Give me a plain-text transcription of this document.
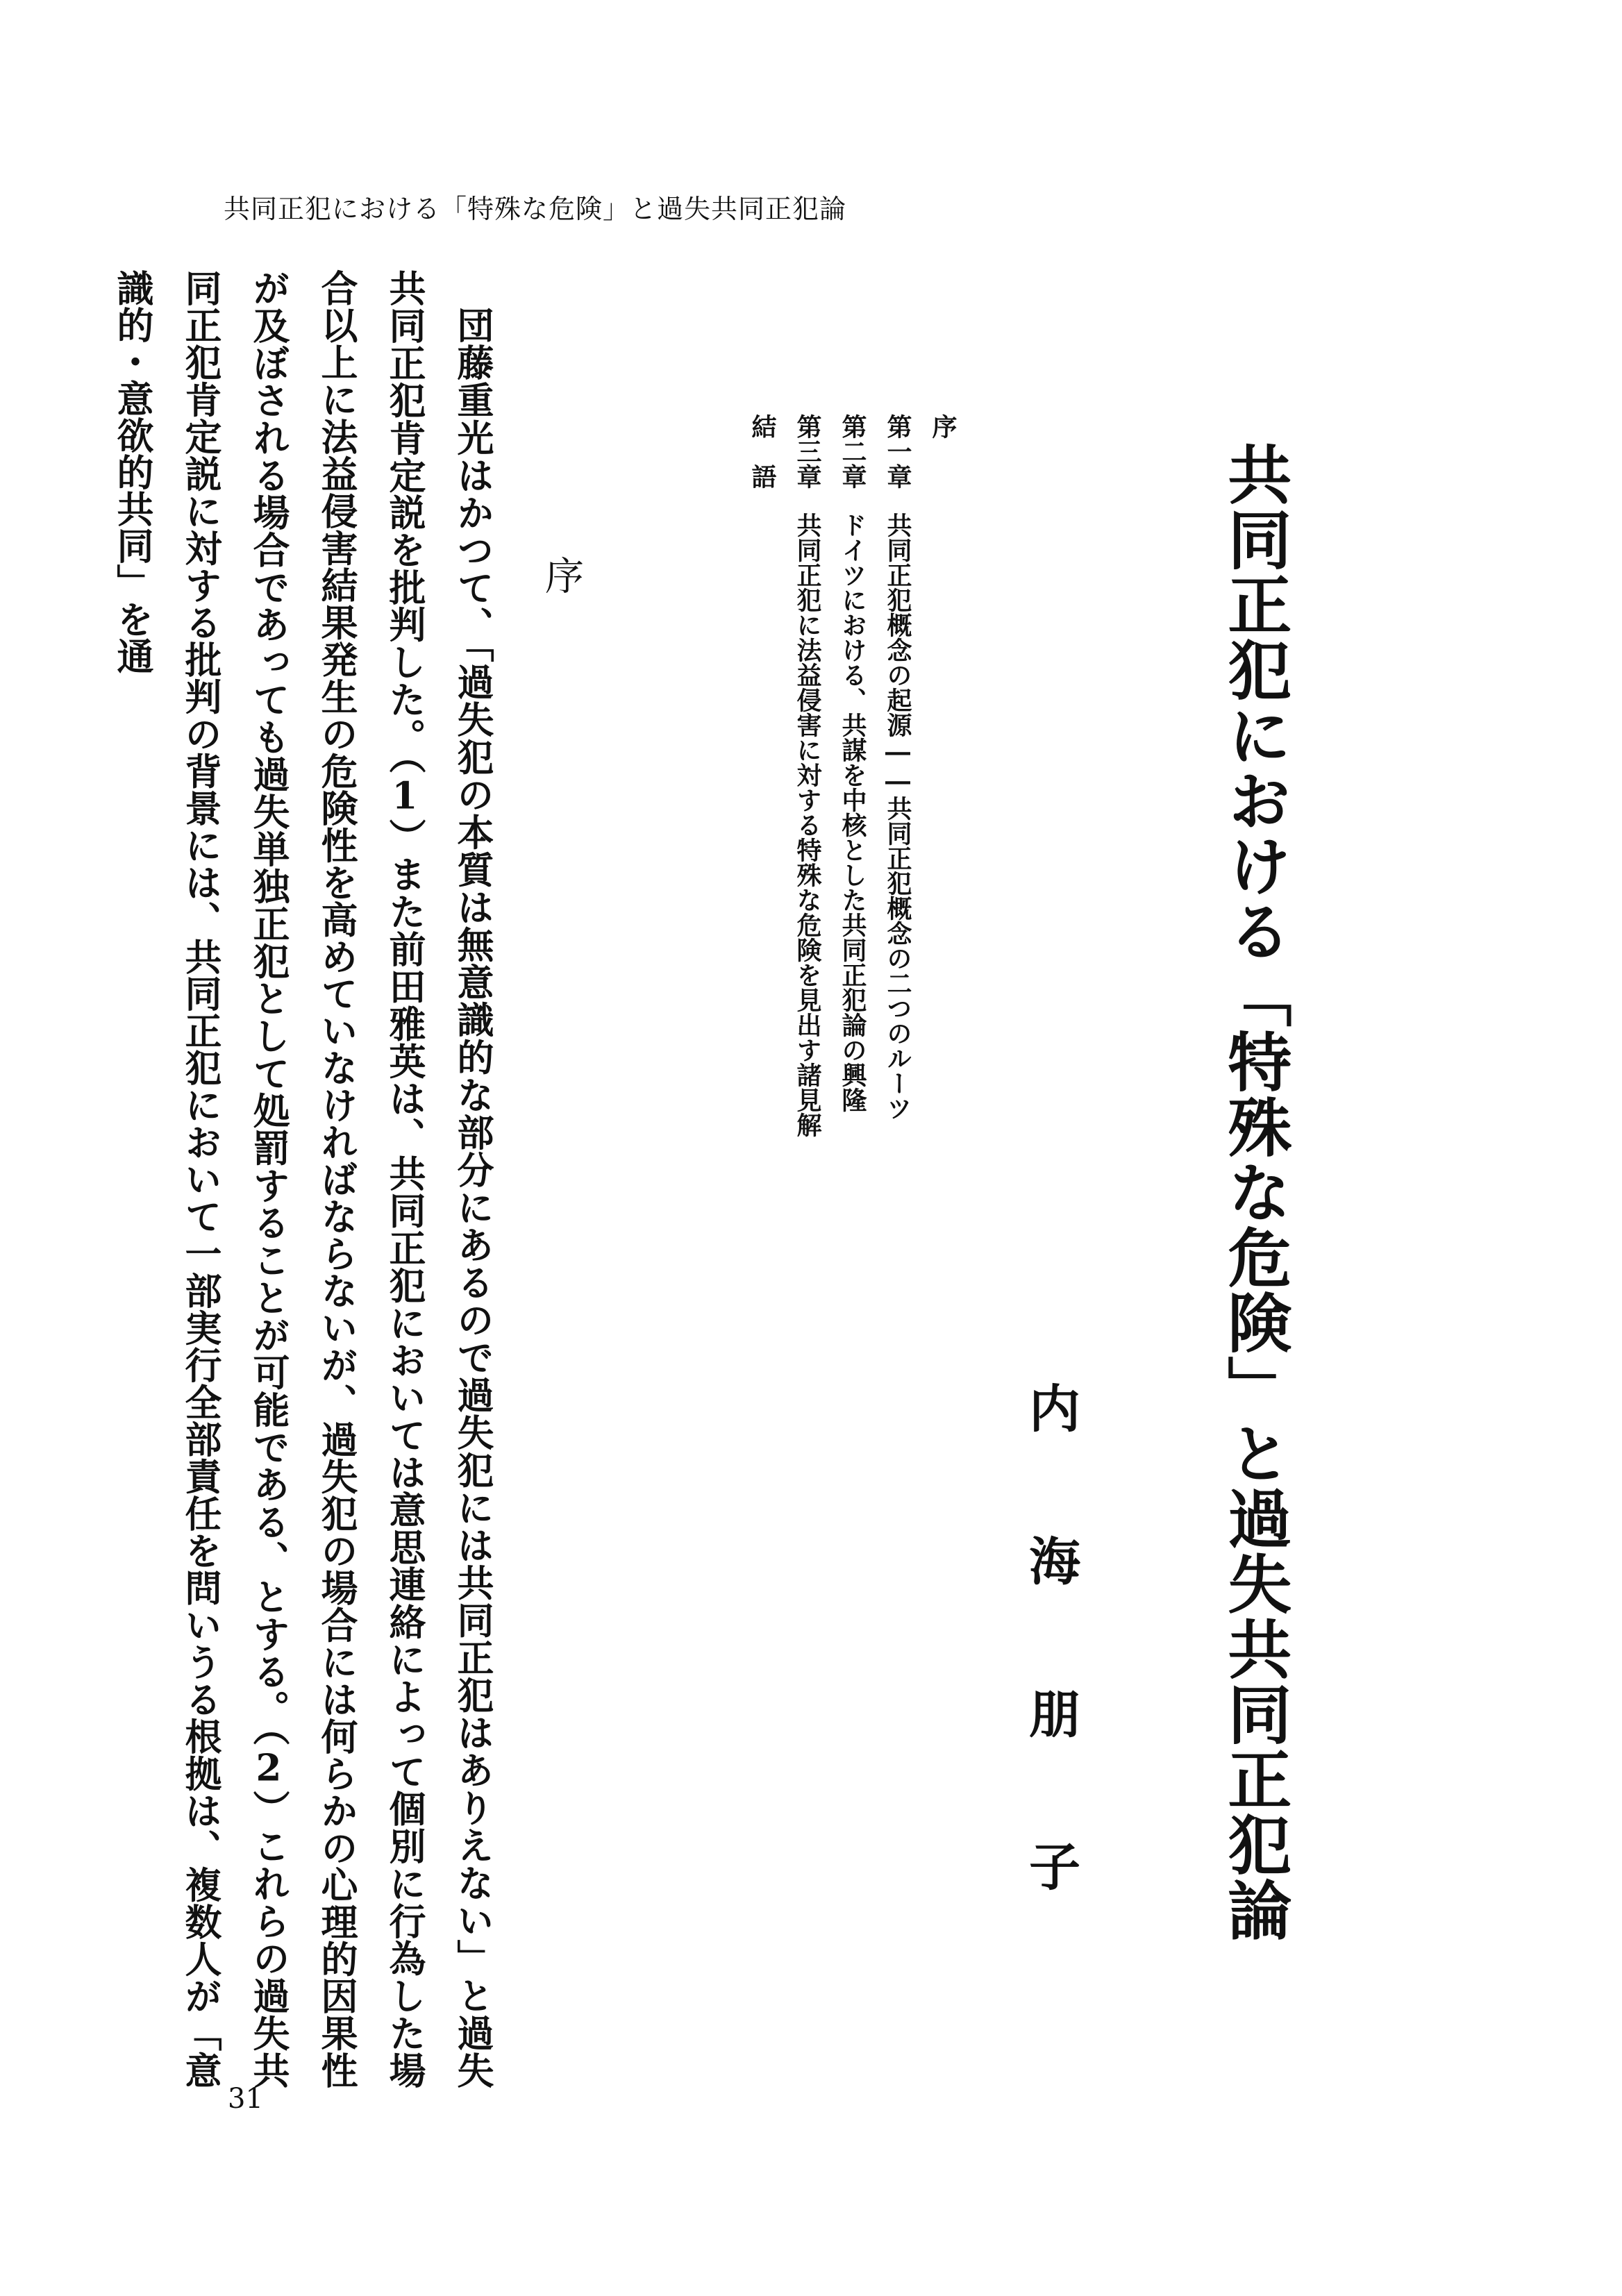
共同正犯における「特殊な危険」と過失共同正犯論
共同正犯における「特殊な危険」と過失共同正犯論
内海朋子
序
第一章共同正犯概念の起源――共同正犯概念の二つのルーツ
第二章ドイツにおける、共謀を中核とした共同正犯論の興隆
第三章共同正犯に法益侵害に対する特殊な危険を見出す諸見解
結語
序

団藤重光はかつて、「過失犯の本質は無意識的な部分にあるので過失犯には共同正犯はありえない」と過失共同正犯肯定説を批判した。（1）また前田雅英は、共同正犯においては意思連絡によって個別に行為した場合以上に法益侵害結果発生の危険性を高めていなければならないが、過失犯の場合には何らかの心理的因果性が及ぼされる場合であっても過失単独正犯として処罰することが可能である、とする。（2）これらの過失共同正犯肯定説に対する批判の背景には、共同正犯において一部実行全部責任を問いうる根拠は、複数人が「意識的・意欲的共同」を通

31
